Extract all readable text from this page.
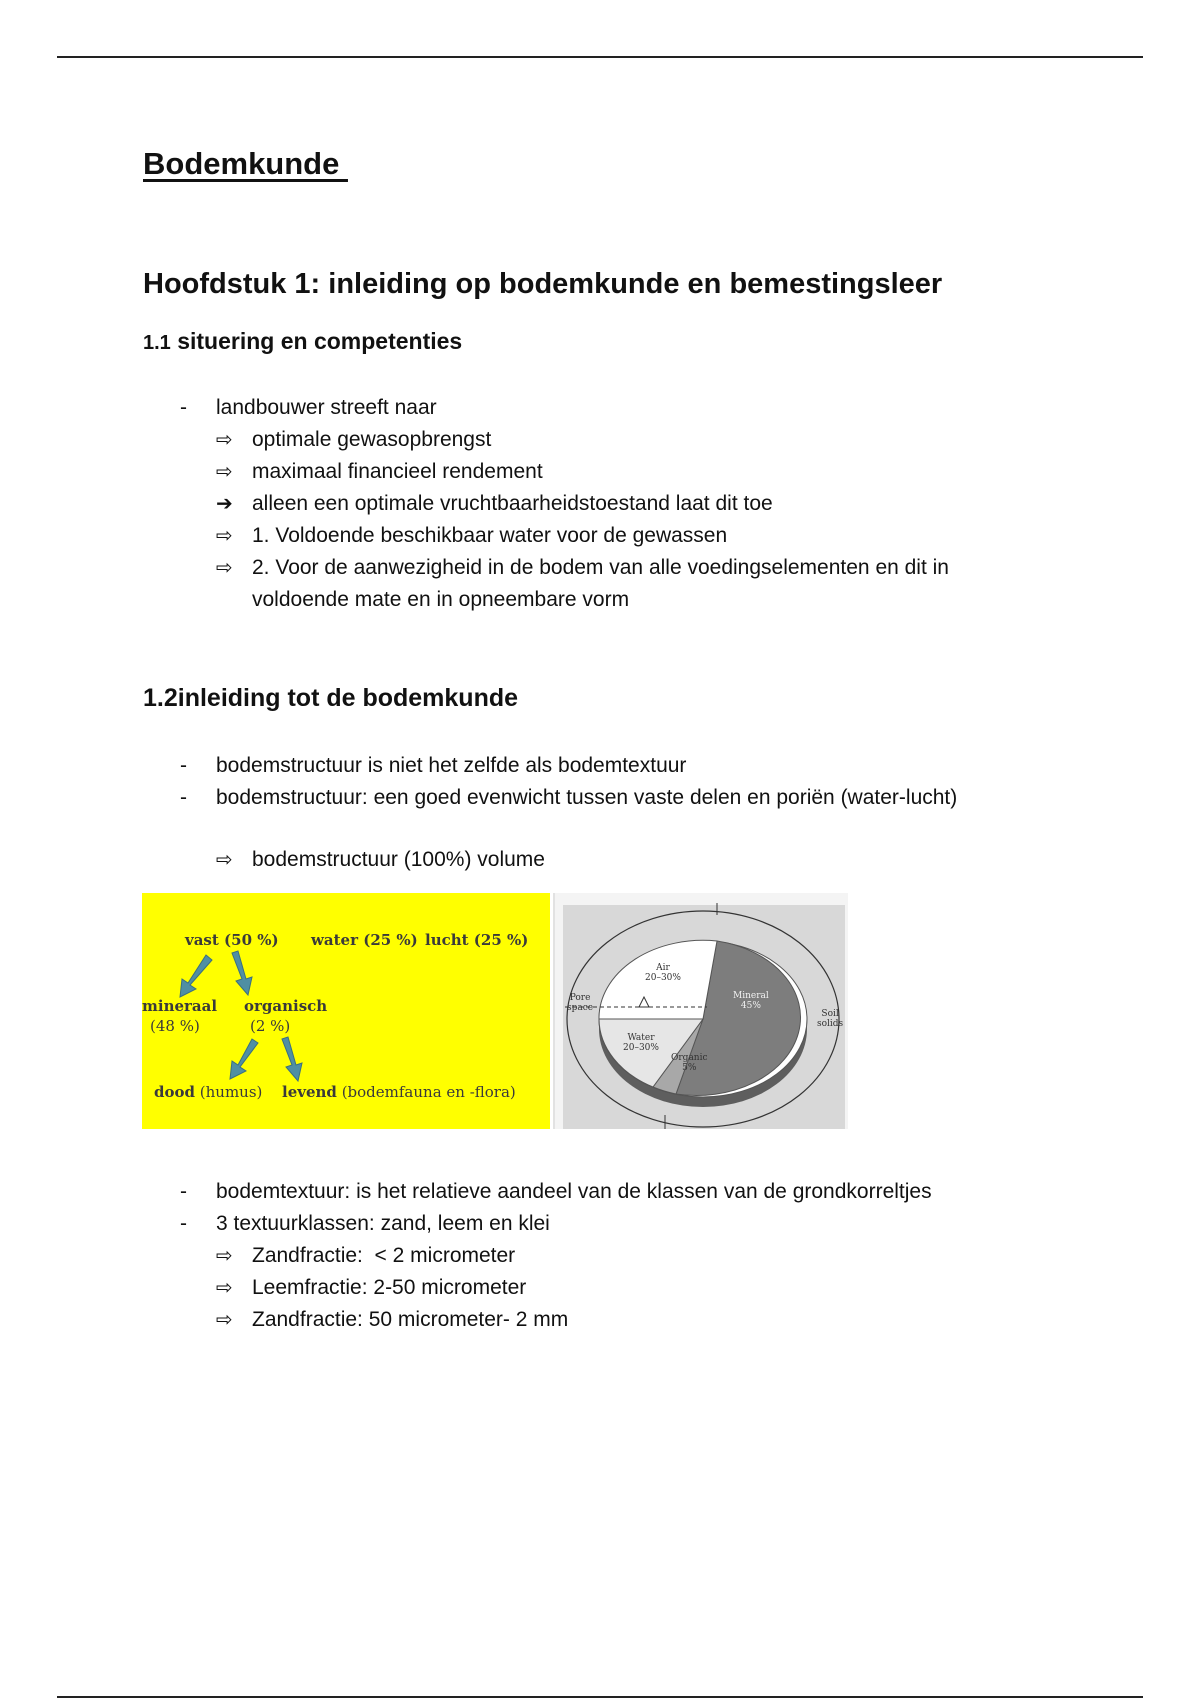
Bodemkunde
Hoofdstuk 1: inleiding op bodemkunde en bemestingsleer
1.1 situering en competenties
- landbouwer streeft naar
⇨ optimale gewasopbrengst
⇨ maximaal financieel rendement
➔ alleen een optimale vruchtbaarheidstoestand laat dit toe
⇨ 1. Voldoende beschikbaar water voor de gewassen
⇨ 2. Voor de aanwezigheid in de bodem van alle voedingselementen en dit in
voldoende mate en in opneembare vorm
1.2inleiding tot de bodemkunde
- bodemstructuur is niet het zelfde als bodemtextuur
- bodemstructuur: een goed evenwicht tussen vaste delen en poriën (water-lucht)
⇨ bodemstructuur (100%) volume
vast (50 %) water (25 %) lucht (25 %)
mineraal
(48 %)
organisch
(2 %)
dood (humus) levend (bodemfauna en -flora)
Air
20–30%
Water
20–30%
Mineral
45%
Organic
5%
Pore
space
Soil
solids
- bodemtextuur: is het relatieve aandeel van de klassen van de grondkorreltjes
- 3 textuurklassen: zand, leem en klei
⇨ Zandfractie:  < 2 micrometer
⇨ Leemfractie: 2-50 micrometer
⇨ Zandfractie: 50 micrometer- 2 mm
